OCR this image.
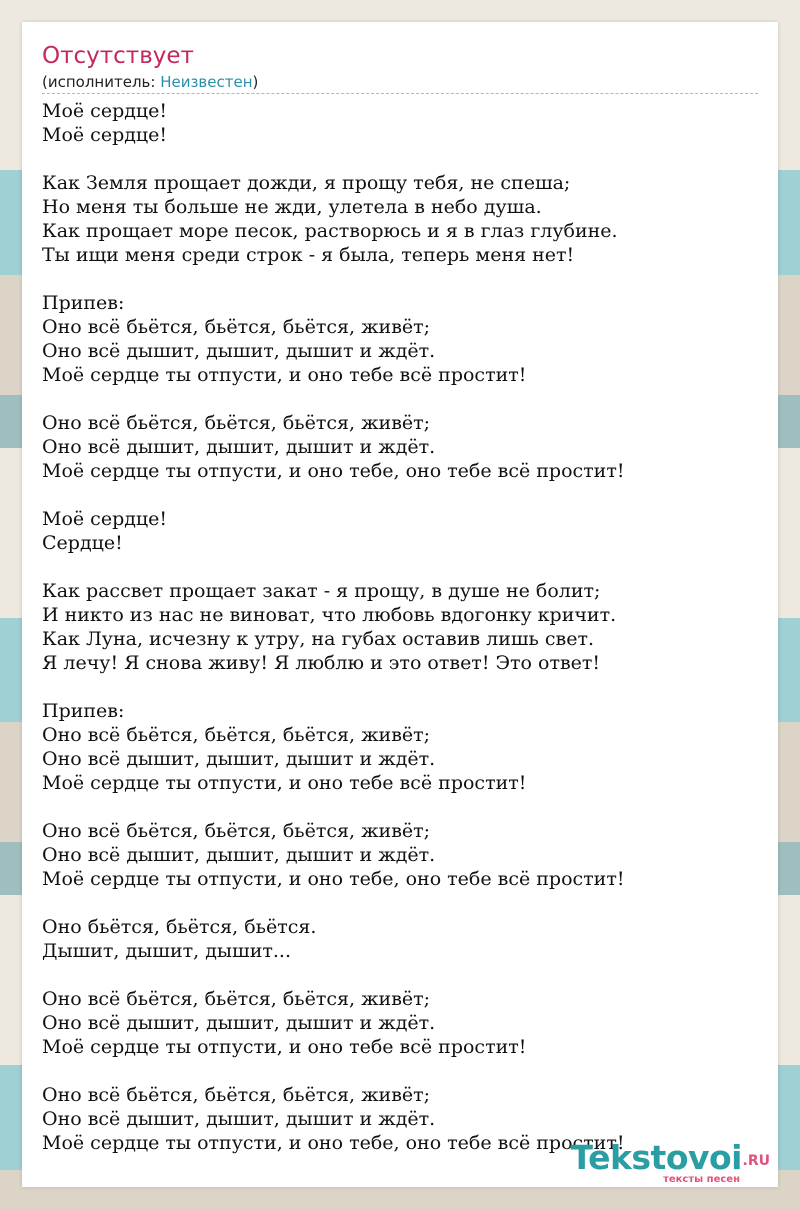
Отсутствует
(исполнитель: Неизвестен)
Моё сердце!
Моё сердце!

Как Земля прощает дожди, я прощу тебя, не спеша;
Но меня ты больше не жди, улетела в небо душа.
Как прощает море песок, растворюсь и я в глаз глубине.
Ты ищи меня среди строк - я была, теперь меня нет!

Припев:
Оно всё бьётся, бьётся, бьётся, живёт;
Оно всё дышит, дышит, дышит и ждёт.
Моё сердце ты отпусти, и оно тебе всё простит!

Оно всё бьётся, бьётся, бьётся, живёт;
Оно всё дышит, дышит, дышит и ждёт.
Моё сердце ты отпусти, и оно тебе, оно тебе всё простит!

Моё сердце!
Сердце!

Как рассвет прощает закат - я прощу, в душе не болит;
И никто из нас не виноват, что любовь вдогонку кричит.
Как Луна, исчезну к утру, на губах оставив лишь свет.
Я лечу! Я снова живу! Я люблю и это ответ! Это ответ!

Припев:
Оно всё бьётся, бьётся, бьётся, живёт;
Оно всё дышит, дышит, дышит и ждёт.
Моё сердце ты отпусти, и оно тебе всё простит!

Оно всё бьётся, бьётся, бьётся, живёт;
Оно всё дышит, дышит, дышит и ждёт.
Моё сердце ты отпусти, и оно тебе, оно тебе всё простит!

Оно бьётся, бьётся, бьётся.
Дышит, дышит, дышит...

Оно всё бьётся, бьётся, бьётся, живёт;
Оно всё дышит, дышит, дышит и ждёт.
Моё сердце ты отпусти, и оно тебе всё простит!

Оно всё бьётся, бьётся, бьётся, живёт;
Оно всё дышит, дышит, дышит и ждёт.
Моё сердце ты отпусти, и оно тебе, оно тебе всё простит!
Tekstovoi .RU
тексты песен
